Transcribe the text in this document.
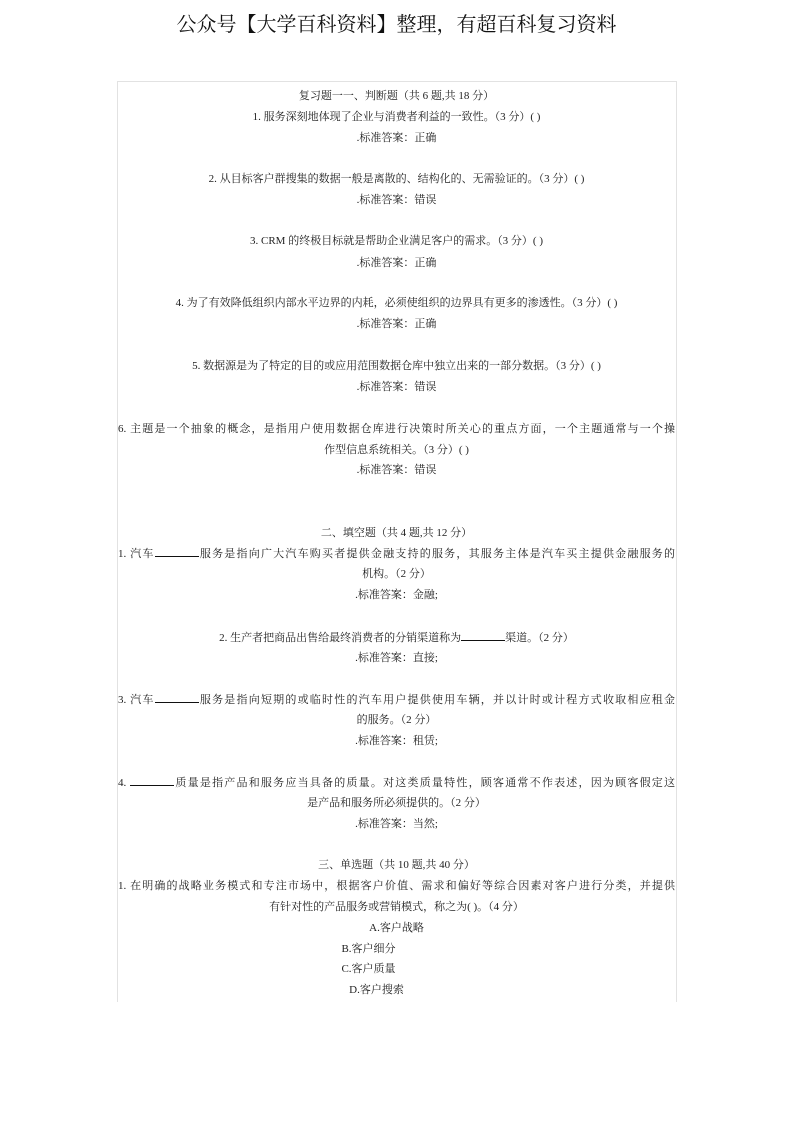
公众号【大学百科资料】整理，有超百科复习资料
复习题一一、判断题（共 6 题,共 18 分）
1. 服务深刻地体现了企业与消费者利益的一致性。（3 分）( )
.标准答案：正确
2. 从目标客户群搜集的数据一般是离散的、结构化的、无需验证的。（3 分）( )
.标准答案：错误
3. CRM 的终极目标就是帮助企业满足客户的需求。（3 分）( )
.标准答案：正确
4. 为了有效降低组织内部水平边界的内耗，必须使组织的边界具有更多的渗透性。（3 分）( )
.标准答案：正确
5. 数据源是为了特定的目的或应用范围数据仓库中独立出来的一部分数据。（3 分）( )
.标准答案：错误
6. 主题是一个抽象的概念，是指用户使用数据仓库进行决策时所关心的重点方面，一个主题通常与一个操
作型信息系统相关。（3 分）( )
.标准答案：错误
二、填空题（共 4 题,共 12 分）
1. 汽车	服务是指向广大汽车购买者提供金融支持的服务，其服务主体是汽车买主提供金融服务的
机构。（2 分）
.标准答案：金融;
2. 生产者把商品出售给最终消费者的分销渠道称为	渠道。（2 分）
.标准答案：直接;
3. 汽车	服务是指向短期的或临时性的汽车用户提供使用车辆，并以计时或计程方式收取相应租金
的服务。（2 分）
.标准答案：租赁;
4.	质量是指产品和服务应当具备的质量。对这类质量特性，顾客通常不作表述，因为顾客假定这
是产品和服务所必须提供的。（2 分）
.标准答案：当然;
三、单选题（共 10 题,共 40 分）
1. 在明确的战略业务模式和专注市场中，根据客户价值、需求和偏好等综合因素对客户进行分类，并提供
有针对性的产品服务或营销模式，称之为( )。（4 分）
A.客户战略
B.客户细分
C.客户质量
D.客户搜索
